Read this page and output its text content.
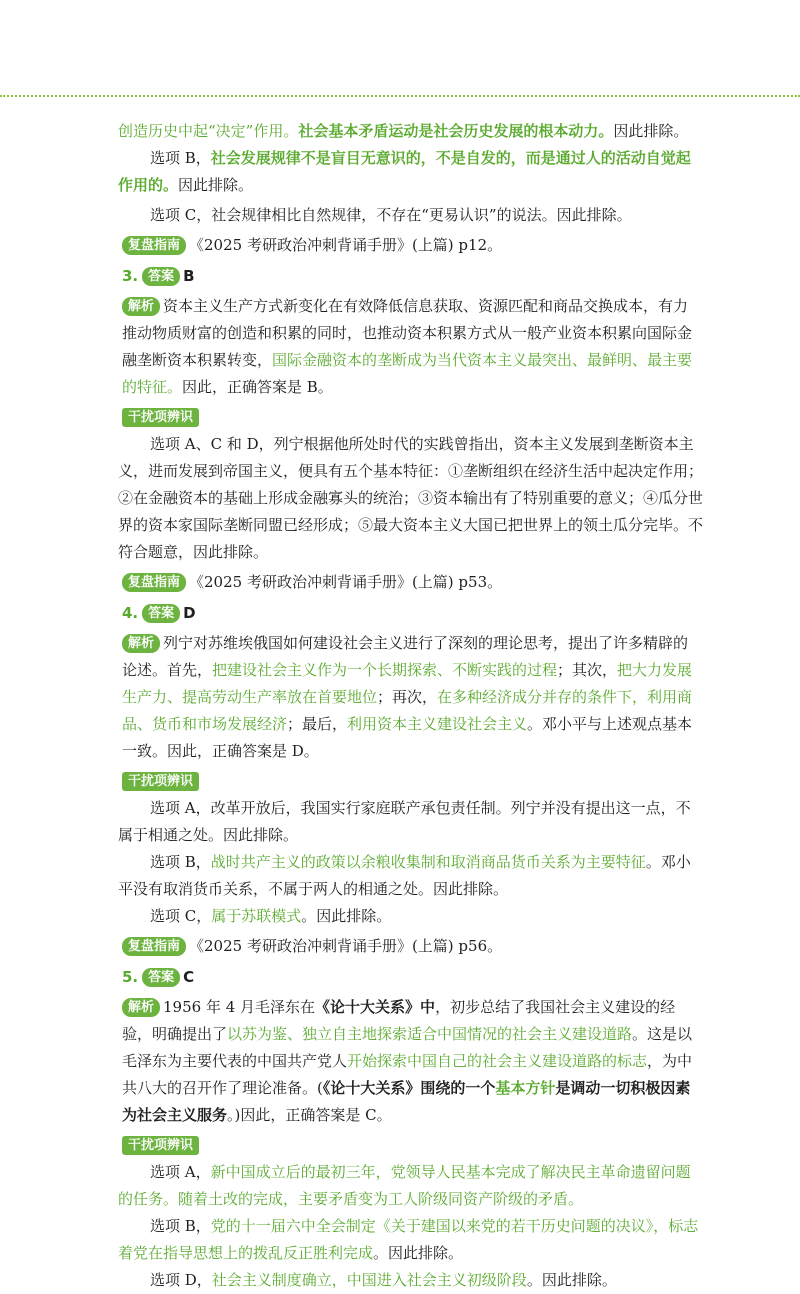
创造历史中起“决定”作用。社会基本矛盾运动是社会历史发展的根本动力。因此排除。

选项 B，社会发展规律不是盲目无意识的，不是自发的，而是通过人的活动自觉起作用的。因此排除。

选项 C，社会规律相比自然规律，不存在“更易认识”的说法。因此排除。

复盘指南 《2025 考研政治冲刺背诵手册》(上篇) p12。

3. 答案 B

解析 资本主义生产方式新变化在有效降低信息获取、资源匹配和商品交换成本，有力推动物质财富的创造和积累的同时，也推动资本积累方式从一般产业资本积累向国际金融垄断资本积累转变，国际金融资本的垄断成为当代资本主义最突出、最鲜明、最主要的特征。因此，正确答案是 B。

干扰项辨识

选项 A、C 和 D，列宁根据他所处时代的实践曾指出，资本主义发展到垄断资本主义，进而发展到帝国主义，便具有五个基本特征：①垄断组织在经济生活中起决定作用；②在金融资本的基础上形成金融寡头的统治；③资本输出有了特别重要的意义；④瓜分世界的资本家国际垄断同盟已经形成；⑤最大资本主义大国已把世界上的领土瓜分完毕。不符合题意，因此排除。

复盘指南 《2025 考研政治冲刺背诵手册》(上篇) p53。

4. 答案 D

解析 列宁对苏维埃俄国如何建设社会主义进行了深刻的理论思考，提出了许多精辟的论述。首先，把建设社会主义作为一个长期探索、不断实践的过程；其次，把大力发展生产力、提高劳动生产率放在首要地位；再次，在多种经济成分并存的条件下，利用商品、货币和市场发展经济；最后，利用资本主义建设社会主义。邓小平与上述观点基本一致。因此，正确答案是 D。

干扰项辨识

选项 A，改革开放后，我国实行家庭联产承包责任制。列宁并没有提出这一点，不属于相通之处。因此排除。

选项 B，战时共产主义的政策以余粮收集制和取消商品货币关系为主要特征。邓小平没有取消货币关系，不属于两人的相通之处。因此排除。

选项 C，属于苏联模式。因此排除。

复盘指南 《2025 考研政治冲刺背诵手册》(上篇) p56。

5. 答案 C

解析 1956 年 4 月毛泽东在《论十大关系》中，初步总结了我国社会主义建设的经验，明确提出了以苏为鉴、独立自主地探索适合中国情况的社会主义建设道路。这是以毛泽东为主要代表的中国共产党人开始探索中国自己的社会主义建设道路的标志，为中共八大的召开作了理论准备。(《论十大关系》围绕的一个基本方针是调动一切积极因素为社会主义服务。)因此，正确答案是 C。

干扰项辨识

选项 A，新中国成立后的最初三年，党领导人民基本完成了解决民主革命遗留问题的任务。随着土改的完成，主要矛盾变为工人阶级同资产阶级的矛盾。

选项 B，党的十一届六中全会制定《关于建国以来党的若干历史问题的决议》，标志着党在指导思想上的拨乱反正胜利完成。因此排除。

选项 D，社会主义制度确立，中国进入社会主义初级阶段。因此排除。
